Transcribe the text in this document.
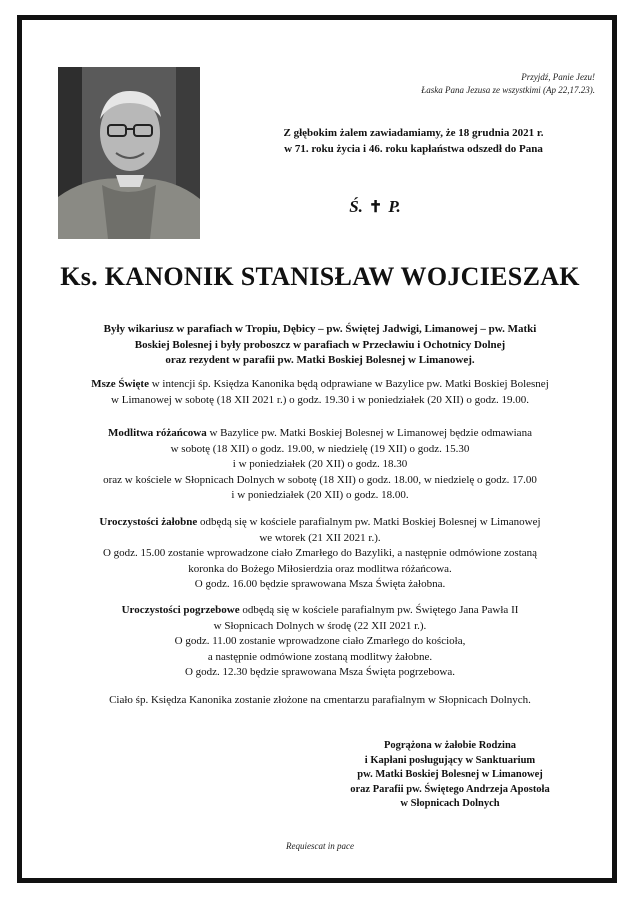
Przyjdź, Panie Jezu!
Łaska Pana Jezusa ze wszystkimi (Ap 22,17.23).
Z głębokim żalem zawiadamiamy, że 18 grudnia 2021 r.
w 71. roku życia i 46. roku kapłaństwa odszedł do Pana
Ś. ✝ P.
Ks. KANONIK STANISŁAW WOJCIESZAK
Były wikariusz w parafiach w Tropiu, Dębicy – pw. Świętej Jadwigi, Limanowej – pw. Matki
Boskiej Bolesnej i były proboszcz w parafiach w Przecławiu i Ochotnicy Dolnej
oraz rezydent w parafii pw. Matki Boskiej Bolesnej w Limanowej.
Msze Święte w intencji śp. Księdza Kanonika będą odprawiane w Bazylice pw. Matki Boskiej Bolesnej
w Limanowej w sobotę (18 XII 2021 r.) o godz. 19.30 i w poniedziałek (20 XII) o godz. 19.00.
Modlitwa różańcowa w Bazylice pw. Matki Boskiej Bolesnej w Limanowej będzie odmawiana
w sobotę (18 XII) o godz. 19.00, w niedzielę (19 XII) o godz. 15.30
i w poniedziałek (20 XII) o godz. 18.30
oraz w kościele w Słopnicach Dolnych w sobotę (18 XII) o godz. 18.00, w niedzielę o godz. 17.00
i w poniedziałek (20 XII) o godz. 18.00.
Uroczystości żałobne odbędą się w kościele parafialnym pw. Matki Boskiej Bolesnej w Limanowej
we wtorek (21 XII 2021 r.).
O godz. 15.00 zostanie wprowadzone ciało Zmarłego do Bazyliki, a następnie odmówione zostaną
koronka do Bożego Miłosierdzia oraz modlitwa różańcowa.
O godz. 16.00 będzie sprawowana Msza Święta żałobna.
Uroczystości pogrzebowe odbędą się w kościele parafialnym pw. Świętego Jana Pawła II
w Słopnicach Dolnych w środę (22 XII 2021 r.).
O godz. 11.00 zostanie wprowadzone ciało Zmarłego do kościoła,
a następnie odmówione zostaną modlitwy żałobne.
O godz. 12.30 będzie sprawowana Msza Święta pogrzebowa.
Ciało śp. Księdza Kanonika zostanie złożone na cmentarzu parafialnym w Słopnicach Dolnych.
Pogrążona w żałobie Rodzina
i Kapłani posługujący w Sanktuarium
pw. Matki Boskiej Bolesnej w Limanowej
oraz Parafii pw. Świętego Andrzeja Apostoła
w Słopnicach Dolnych
Requiescat in pace
